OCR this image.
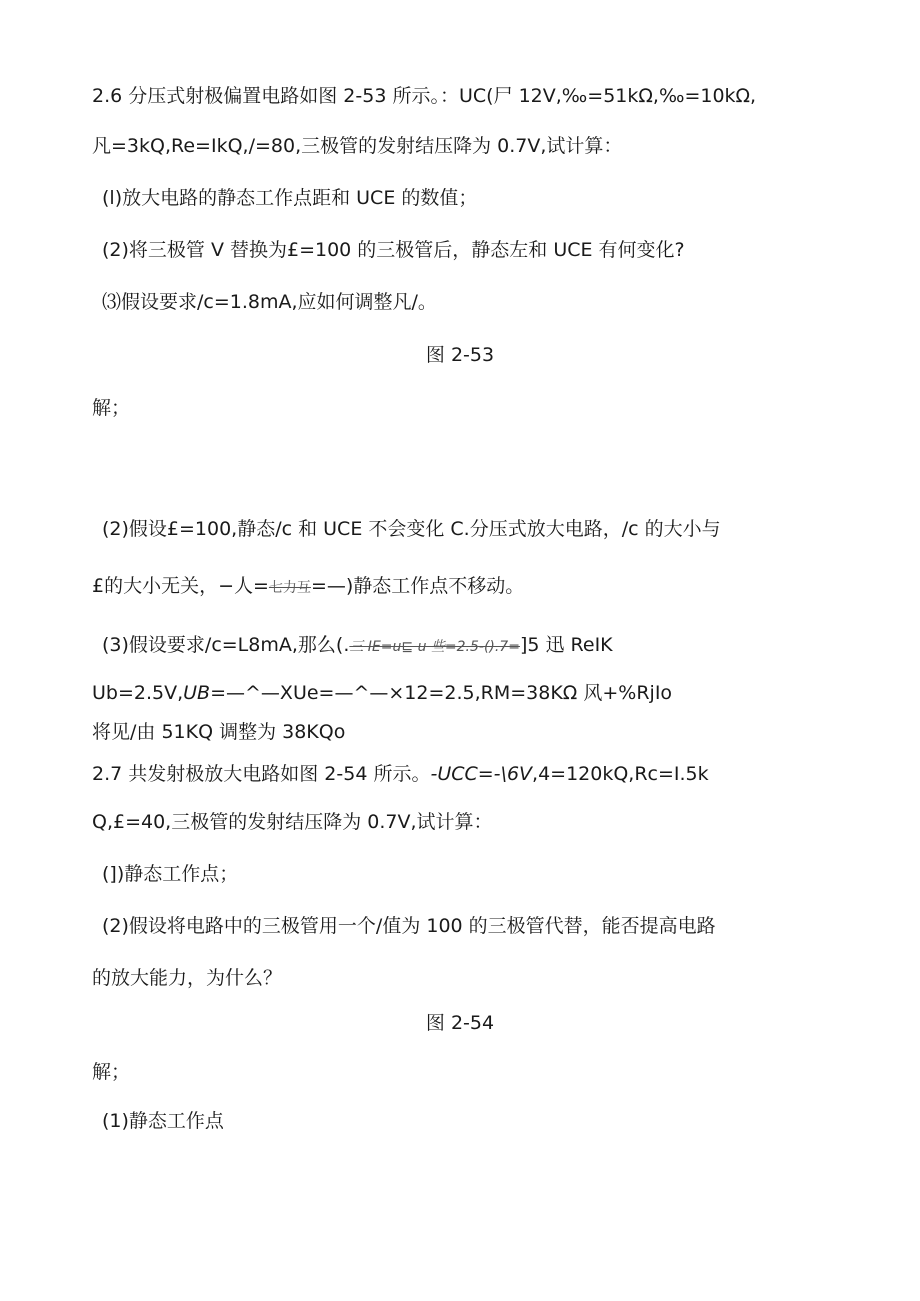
2.6 分压式射极偏置电路如图 2-53 所示。：UC(尸 12V,‰=51kΩ,‰=10kΩ,
凡=3kQ,Re=IkQ,/=80,三极管的发射结压降为 0.7V,试计算：
(l)放大电路的静态工作点距和 UCE 的数值；
(2)将三极管 V 替换为£=100 的三极管后，静态左和 UCE 有何变化?
⑶假设要求/c=1.8mA,应如何调整凡/。
图 2-53
解；
(2)假设£=100,静态/c 和 UCE 不会变化 C.分压式放大电路，/c 的大小与
£的大小无关，−人=七力互=—)静态工作点不移动。
(3)假设要求/c=L8mA,那么(.三 IE=u⊑ u 些=2.5-().7=]5 迅 ReIK
Ub=2.5V,UB=—^—XUe=—^—×12=2.5,RM=38KΩ 风+%RjIo
将见/由 51KQ 调整为 38KQo
2.7 共发射极放大电路如图 2-54 所示。-UCC=-\6V,4=120kQ,Rc=I.5k
Q,£=40,三极管的发射结压降为 0.7V,试计算：
(])静态工作点；
(2)假设将电路中的三极管用一个/值为 100 的三极管代替，能否提高电路
的放大能力，为什么？
图 2-54
解；
(1)静态工作点
